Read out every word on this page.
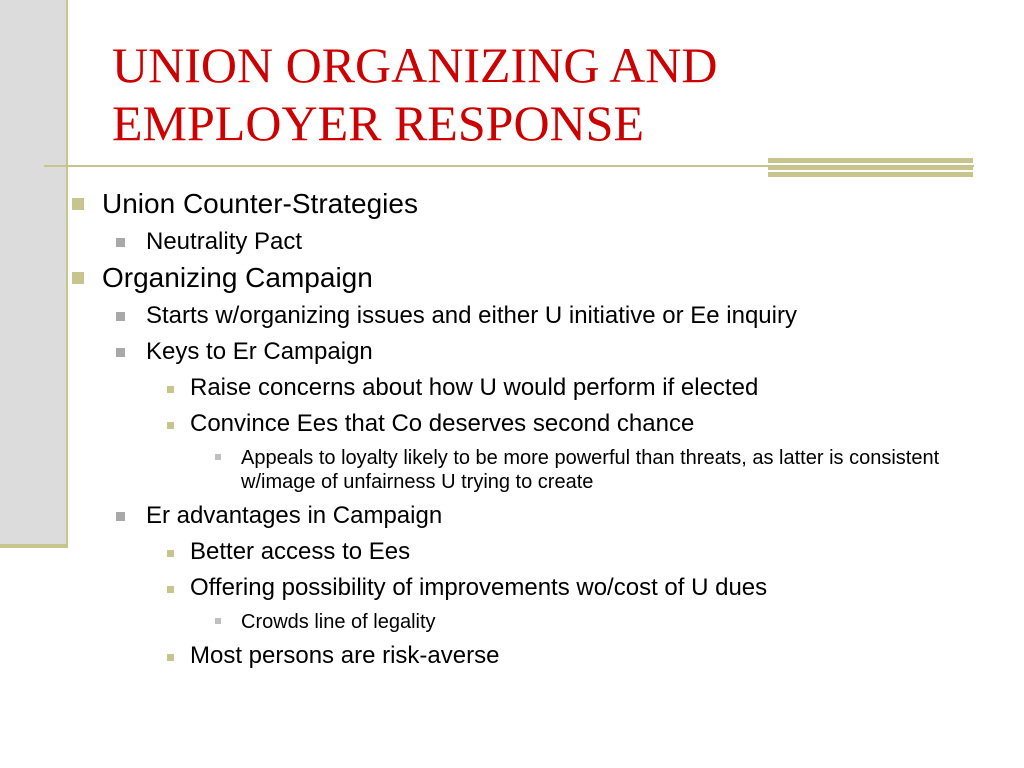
UNION ORGANIZING AND EMPLOYER RESPONSE
Union Counter-Strategies
Neutrality Pact
Organizing Campaign
Starts w/organizing issues and either U initiative or Ee inquiry
Keys to Er Campaign
Raise concerns about how U would perform if elected
Convince Ees that Co deserves second chance
Appeals to loyalty likely to be more powerful than threats, as latter is consistent w/image of unfairness U trying to create
Er advantages in Campaign
Better access to Ees
Offering possibility of improvements wo/cost of U dues
Crowds line of legality
Most persons are risk-averse
